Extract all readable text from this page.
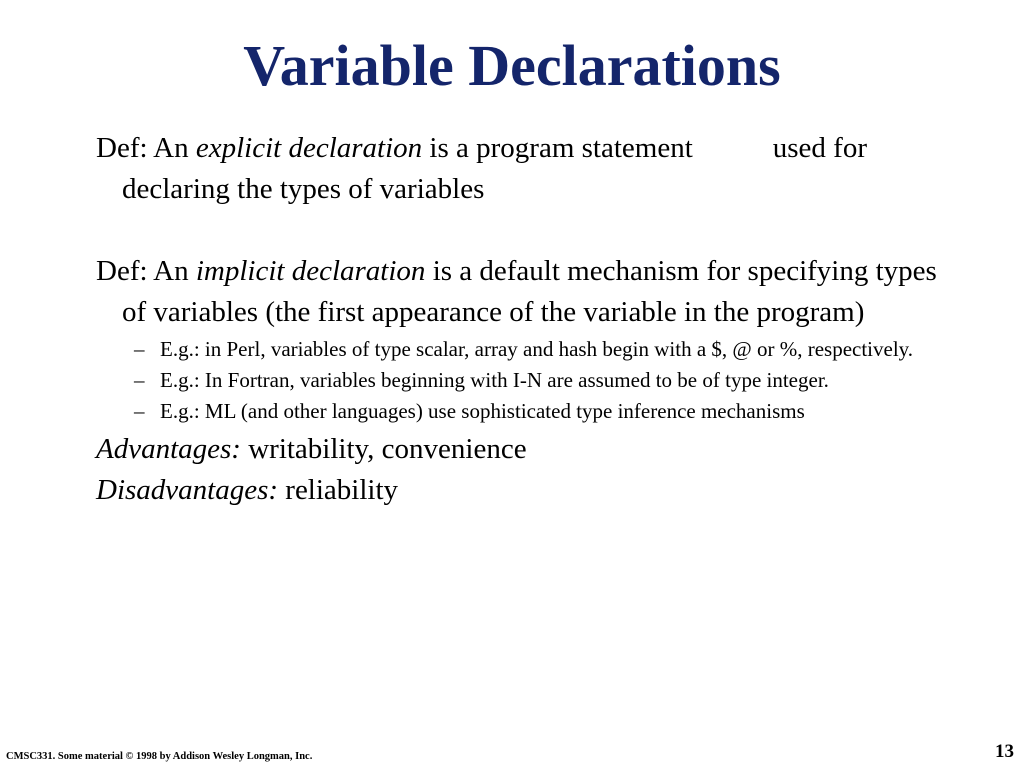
Variable Declarations

Def: An explicit declaration is a program statement	used for declaring the types of variables

Def: An implicit declaration is a default mechanism for specifying types of variables (the first appearance of the variable in the program)

– E.g.: in Perl, variables of type scalar, array and hash begin with a $, @ or %, respectively.
– E.g.: In Fortran, variables beginning with I-N are assumed to be of type integer.
– E.g.: ML (and other languages) use sophisticated type inference mechanisms
Advantages: writability, convenience
Disadvantages: reliability
CMSC331. Some material © 1998 by Addison Wesley Longman, Inc.	13
